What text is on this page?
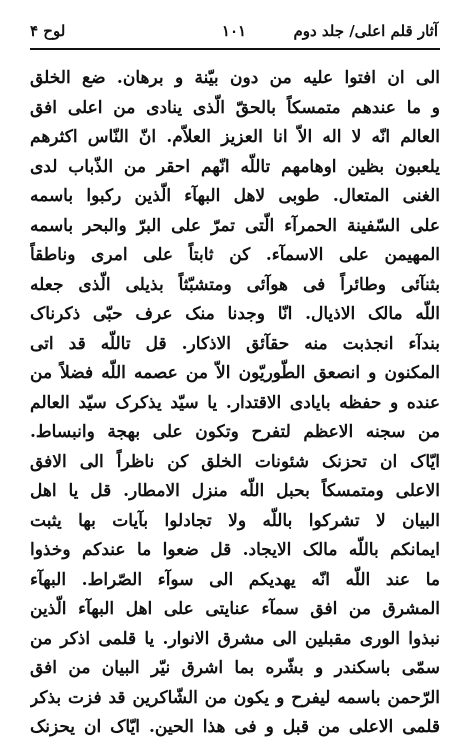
آثار قلم اعلی/ جلد دوم
١٠١
لوح ۴
الی ان افتوا علیه من دون بیّنة و برهان. ضع الخلق
و ما عندهم متمسکاً بالحقّ الّذی ینادی من اعلی افق
العالم انّه لا اله الاّ انا العزیز العلاّم. انّ النّاس اکثرهم
یلعبون بظین اوهامهم تاللّه انّهم احقر من الذّباب لدی
الغنی المتعال. طوبی لاهل البهآء الّذین رکبوا باسمه
علی السّفینة الحمرآء الّتی تمرّ علی البرّ والبحر باسمه
المهیمن علی الاسمآء. کن ثابتاً علی امری وناطقاً
بثنآئی وطائراً فی هوآئی ومتشبّثاً بذیلی الّذی جعله
اللّه مالک الاذیال. انّا وجدنا منک عرف حبّی ذکرناک
بندآء انجذبت منه حقآئق الاذکار. قل تاللّه قد اتی
المکنون و انصعق الطّوریّون الاّ من عصمه اللّه فضلاً من
عنده و حفظه بایادی الاقتدار. یا سیّد یذکرک سیّد العالم
من سجنه الاعظم لتفرح وتکون علی بهجة وانبساط.
ایّاک ان تحزنک شئونات الخلق کن ناظراً الی الافق
الاعلی ومتمسکاً بحبل اللّه منزل الامطار. قل یا اهل
البیان لا تشرکوا باللّه ولا تجادلوا بآیات بها یثبت
ایمانکم باللّه مالک الایجاد. قل ضعوا ما عندکم وخذوا
ما عند اللّه انّه یهدیکم الی سوآء الصّراط. البهآء
المشرق من افق سمآء عنایتی علی اهل البهآء الّذین
نبذوا الوری مقبلین الی مشرق الانوار. یا قلمی اذکر من
سمّی باسکندر و بشّره بما اشرق نیّر البیان من افق
الرّحمن باسمه لیفرح و یکون من الشّاکرین قد فزت بذکر
قلمی الاعلی من قبل و فی هذا الحین. ایّاک ان یحزنک
